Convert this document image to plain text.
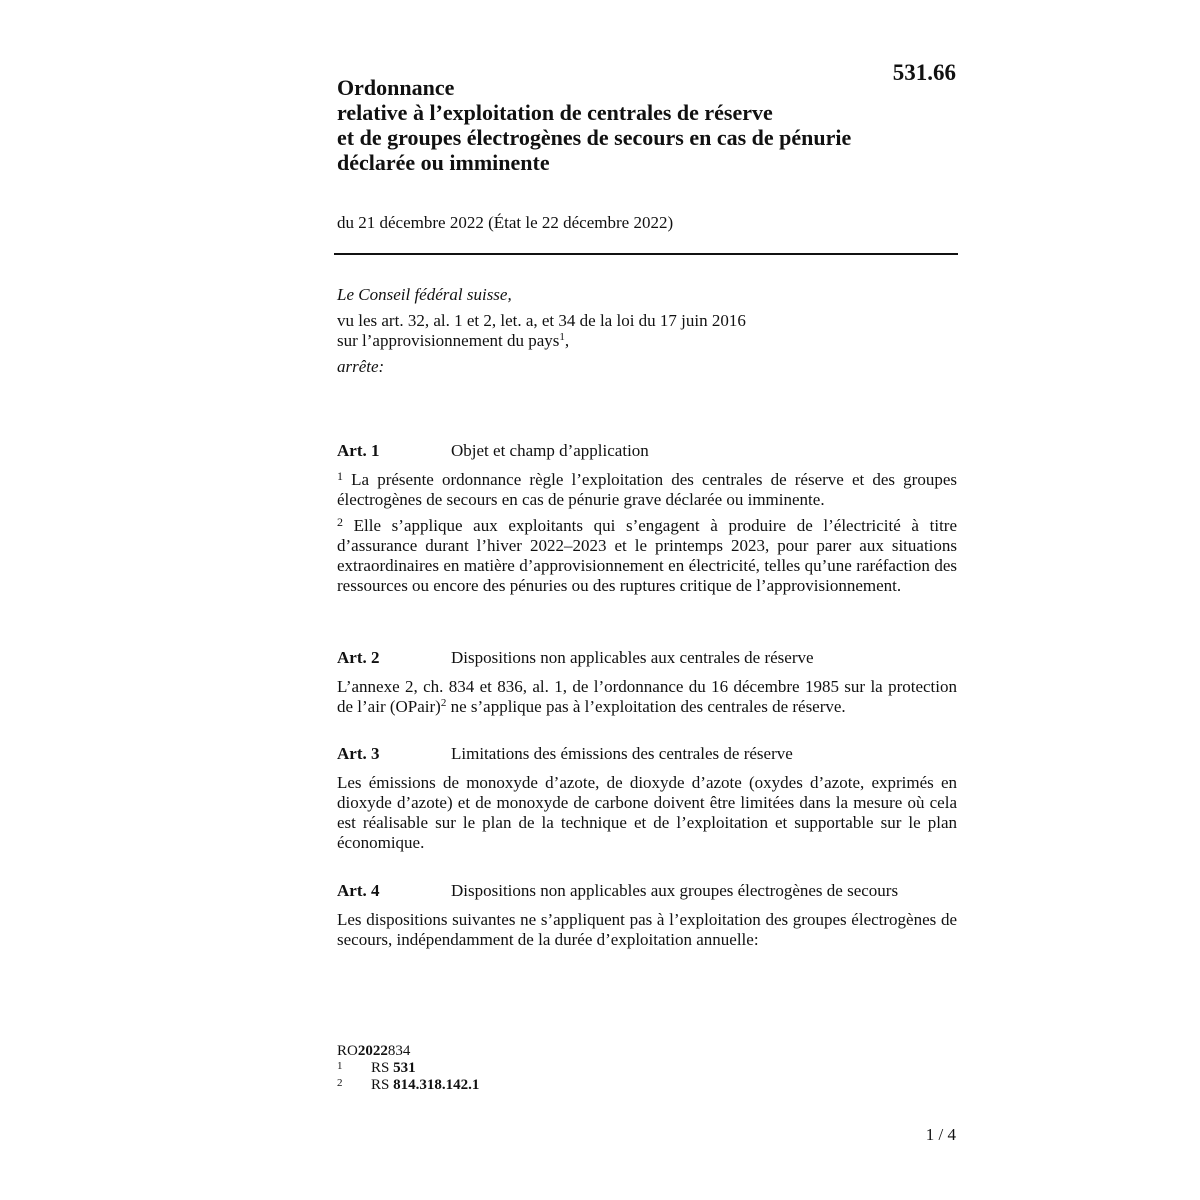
531.66
Ordonnance
relative à l’exploitation de centrales de réserve
et de groupes électrogènes de secours en cas de pénurie
déclarée ou imminente
du 21 décembre 2022 (État le 22 décembre 2022)
Le Conseil fédéral suisse,
vu les art. 32, al. 1 et 2, let. a, et 34 de la loi du 17 juin 2016
sur l’approvisionnement du pays$^1$,
arrête:
Art. 1	Objet et champ d’application

$^1$ La présente ordonnance règle l’exploitation des centrales de réserve et des groupes électrogènes de secours en cas de pénurie grave déclarée ou imminente.

$^2$ Elle s’applique aux exploitants qui s’engagent à produire de l’électricité à titre d’assurance durant l’hiver 2022–2023 et le printemps 2023, pour parer aux situations extraordinaires en matière d’approvisionnement en électricité, telles qu’une raréfaction des ressources ou encore des pénuries ou des ruptures critique de l’approvisionnement.

Art. 2	Dispositions non applicables aux centrales de réserve

L’annexe 2, ch. 834 et 836, al. 1, de l’ordonnance du 16 décembre 1985 sur la protection de l’air (OPair)$^2$ ne s’applique pas à l’exploitation des centrales de réserve.

Art. 3	Limitations des émissions des centrales de réserve

Les émissions de monoxyde d’azote, de dioxyde d’azote (oxydes d’azote, exprimés en dioxyde d’azote) et de monoxyde de carbone doivent être limitées dans la mesure où cela est réalisable sur le plan de la technique et de l’exploitation et supportable sur le plan économique.

Art. 4	Dispositions non applicables aux groupes électrogènes de secours

Les dispositions suivantes ne s’appliquent pas à l’exploitation des groupes électrogènes de secours, indépendamment de la durée d’exploitation annuelle:

RO 2022 834
1	RS
531
2	RS
814.318.142.1
1 / 4
